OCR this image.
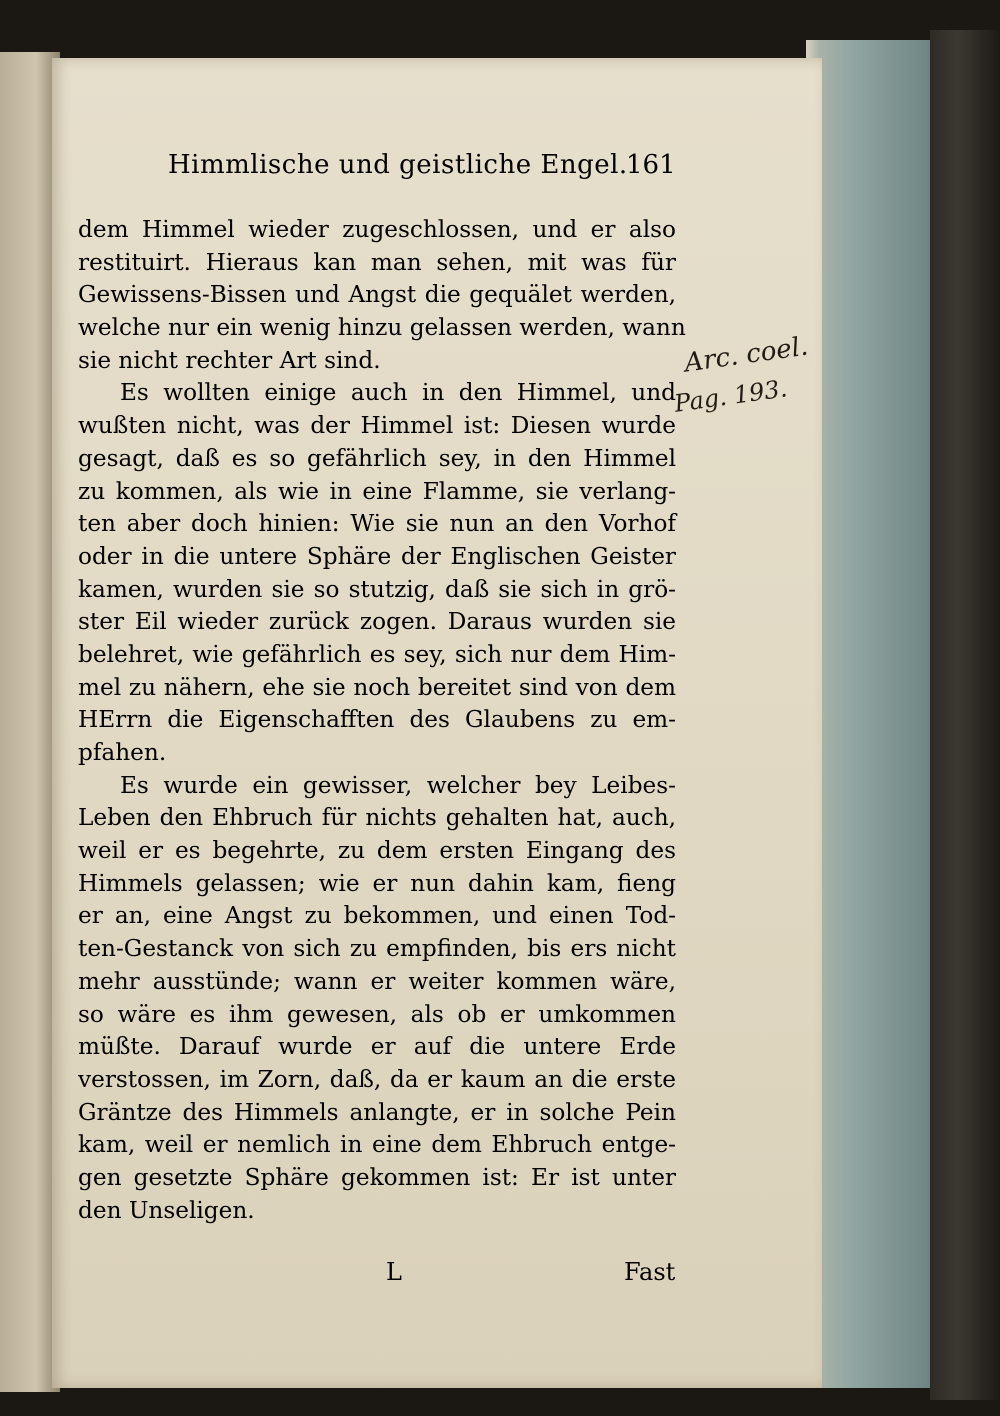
Himmlische und geistliche Engel.
161
dem Himmel wieder zugeschlossen, und er also
restituirt. Hieraus kan man sehen, mit was für
Gewissens-Bissen und Angst die gequälet werden,
welche nur ein wenig hinzu gelassen werden, wann
sie nicht rechter Art sind.
Es wollten einige auch in den Himmel, und
wußten nicht, was der Himmel ist: Diesen wurde
gesagt, daß es so gefährlich sey, in den Himmel
zu kommen, als wie in eine Flamme, sie verlang-
ten aber doch hinien: Wie sie nun an den Vorhof
oder in die untere Sphäre der Englischen Geister
kamen, wurden sie so stutzig, daß sie sich in grö-
ster Eil wieder zurück zogen. Daraus wurden sie
belehret, wie gefährlich es sey, sich nur dem Him-
mel zu nähern, ehe sie noch bereitet sind von dem
HErrn die Eigenschafften des Glaubens zu em-
pfahen.
Es wurde ein gewisser, welcher bey Leibes-
Leben den Ehbruch für nichts gehalten hat, auch,
weil er es begehrte, zu dem ersten Eingang des
Himmels gelassen; wie er nun dahin kam, fieng
er an, eine Angst zu bekommen, und einen Tod-
ten-Gestanck von sich zu empfinden, bis ers nicht
mehr ausstünde; wann er weiter kommen wäre,
so wäre es ihm gewesen, als ob er umkommen
müßte. Darauf wurde er auf die untere Erde
verstossen, im Zorn, daß, da er kaum an die erste
Gräntze des Himmels anlangte, er in solche Pein
kam, weil er nemlich in eine dem Ehbruch entge-
gen gesetzte Sphäre gekommen ist: Er ist unter
den Unseligen.
L	Fast
Arc. coel.
Pag. 193.
